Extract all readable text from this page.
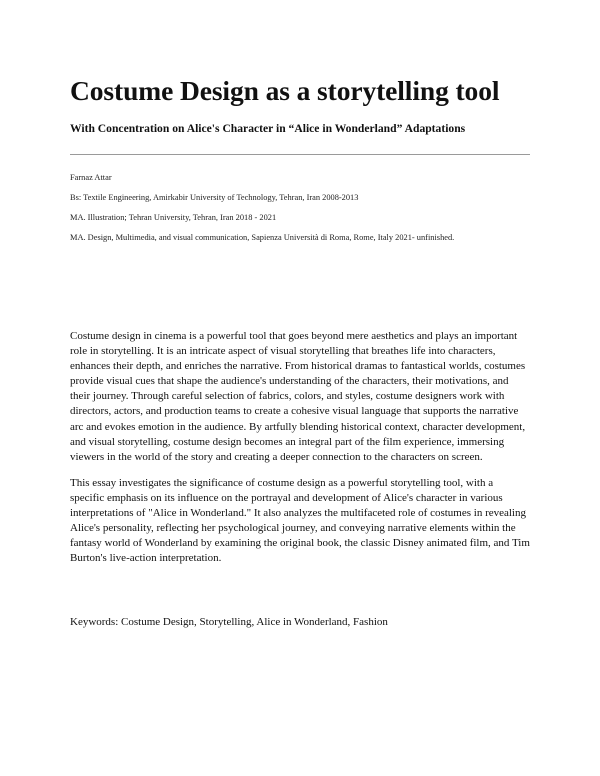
Costume Design as a storytelling tool
With Concentration on Alice's Character in “Alice in Wonderland” Adaptations

Farnaz Attar

Bs: Textile Engineering, Amirkabir University of Technology, Tehran, Iran 2008-2013

MA. Illustration; Tehran University, Tehran, Iran 2018 - 2021

MA. Design, Multimedia, and visual communication, Sapienza Università di Roma, Rome, Italy 2021- unfinished.

Costume design in cinema is a powerful tool that goes beyond mere aesthetics and plays an important role in storytelling. It is an intricate aspect of visual storytelling that breathes life into characters, enhances their depth, and enriches the narrative. From historical dramas to fantastical worlds, costumes provide visual cues that shape the audience's understanding of the characters, their motivations, and their journey. Through careful selection of fabrics, colors, and styles, costume designers work with directors, actors, and production teams to create a cohesive visual language that supports the narrative arc and evokes emotion in the audience. By artfully blending historical context, character development, and visual storytelling, costume design becomes an integral part of the film experience, immersing viewers in the world of the story and creating a deeper connection to the characters on screen.

This essay investigates the significance of costume design as a powerful storytelling tool, with a specific emphasis on its influence on the portrayal and development of Alice's character in various interpretations of "Alice in Wonderland." It also analyzes the multifaceted role of costumes in revealing Alice's personality, reflecting her psychological journey, and conveying narrative elements within the fantasy world of Wonderland by examining the original book, the classic Disney animated film, and Tim Burton's live-action interpretation.

Keywords: Costume Design, Storytelling, Alice in Wonderland, Fashion
